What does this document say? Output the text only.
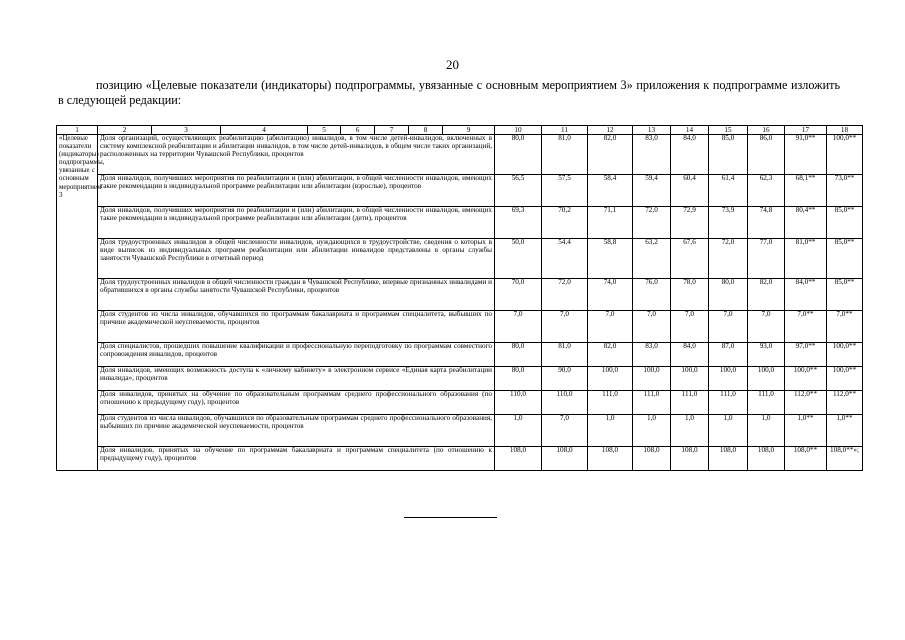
20
позицию «Целевые показатели (индикаторы) подпрограммы, увязанные с основным мероприятием 3» приложения к подпрограмме изложить в следующей редакции:
1	2	3	4	5	6	7	8	9	10	11	12	13	14	15	16	17	18
«Целевые показатели (индикаторы) подпрограммы, увязанные с основным мероприятием 3	Доля организаций, осуществляющих реабилитацию (абилитацию) инвалидов, в том числе детей-инвалидов, включенных в систему комплексной реабилитации и абилитации инвалидов, в том числе детей-инвалидов, в общем числе таких организаций, расположенных на территории Чувашской Республики, процентов								80,0	81,0	82,0	83,0	84,0	85,0	86,0	91,0**	100,0**
	Доля инвалидов, получивших мероприятия по реабилитации и (или) абилитации, в общей численности инвалидов, имеющих такие рекомендации в индивидуальной программе реабилитации или абилитации (взрослые), процентов								56,5	57,5	58,4	59,4	60,4	61,4	62,3	68,1**	73,0**
	Доля инвалидов, получивших мероприятия по реабилитации и (или) абилитации, в общей численности инвалидов, имеющих такие рекомендации в индивидуальной программе реабилитации или абилитации (дети), процентов								69,3	70,2	71,1	72,0	72,9	73,9	74,8	80,4**	85,0**
	Доля трудоустроенных инвалидов в общей численности инвалидов, нуждающихся в трудоустройстве, сведения о которых в виде выписок из индивидуальных программ реабилитации или абилитации инвалидов представлены в органы службы занятости Чувашской Республики в отчетный период								50,0	54,4	58,8	63,2	67,6	72,0	77,0	81,0**	85,0**
	Доля трудоустроенных инвалидов в общей численности граждан в Чувашской Республике, впервые признанных инвалидами и обратившихся в органы службы занятости Чувашской Республики, процентов								70,0	72,0	74,0	76,0	78,0	80,0	82,0	84,0**	85,0**
	Доля студентов из числа инвалидов, обучавшихся по программам бакалавриата и программам специалитета, выбывших по причине академической неуспеваемости, процентов								7,0	7,0	7,0	7,0	7,0	7,0	7,0	7,0**	7,0**
	Доля специалистов, прошедших повышение квалификации и профессиональную переподготовку по программам совместного сопровождения инвалидов, процентов								80,0	81,0	82,0	83,0	84,0	87,0	93,0	97,0**	100,0**
	Доля инвалидов, имеющих возможность доступа к «личному кабинету» в электронном сервисе «Единая карта реабилитации инвалида», процентов								80,0	90,0	100,0	100,0	100,0	100,0	100,0	100,0**	100,0**
	Доля инвалидов, принятых на обучение по образовательным программам среднего профессионального образования (по отношению к предыдущему году), процентов								110,0	110,0	111,0	111,0	111,0	111,0	111,0	112,0**	112,0**
	Доля студентов из числа инвалидов, обучавшихся по образовательным программам среднего профессионального образования, выбывших по причине академической неуспеваемости, процентов								1,0	7,0	1,0	1,0	1,0	1,0	1,0	1,0**	1,0**
	Доля инвалидов, принятых на обучение по программам бакалавриата и программам специалитета (по отношению к предыдущему году), процентов								108,0	108,0	108,0	108,0	108,0	108,0	108,0	108,0**	108,0**»;
